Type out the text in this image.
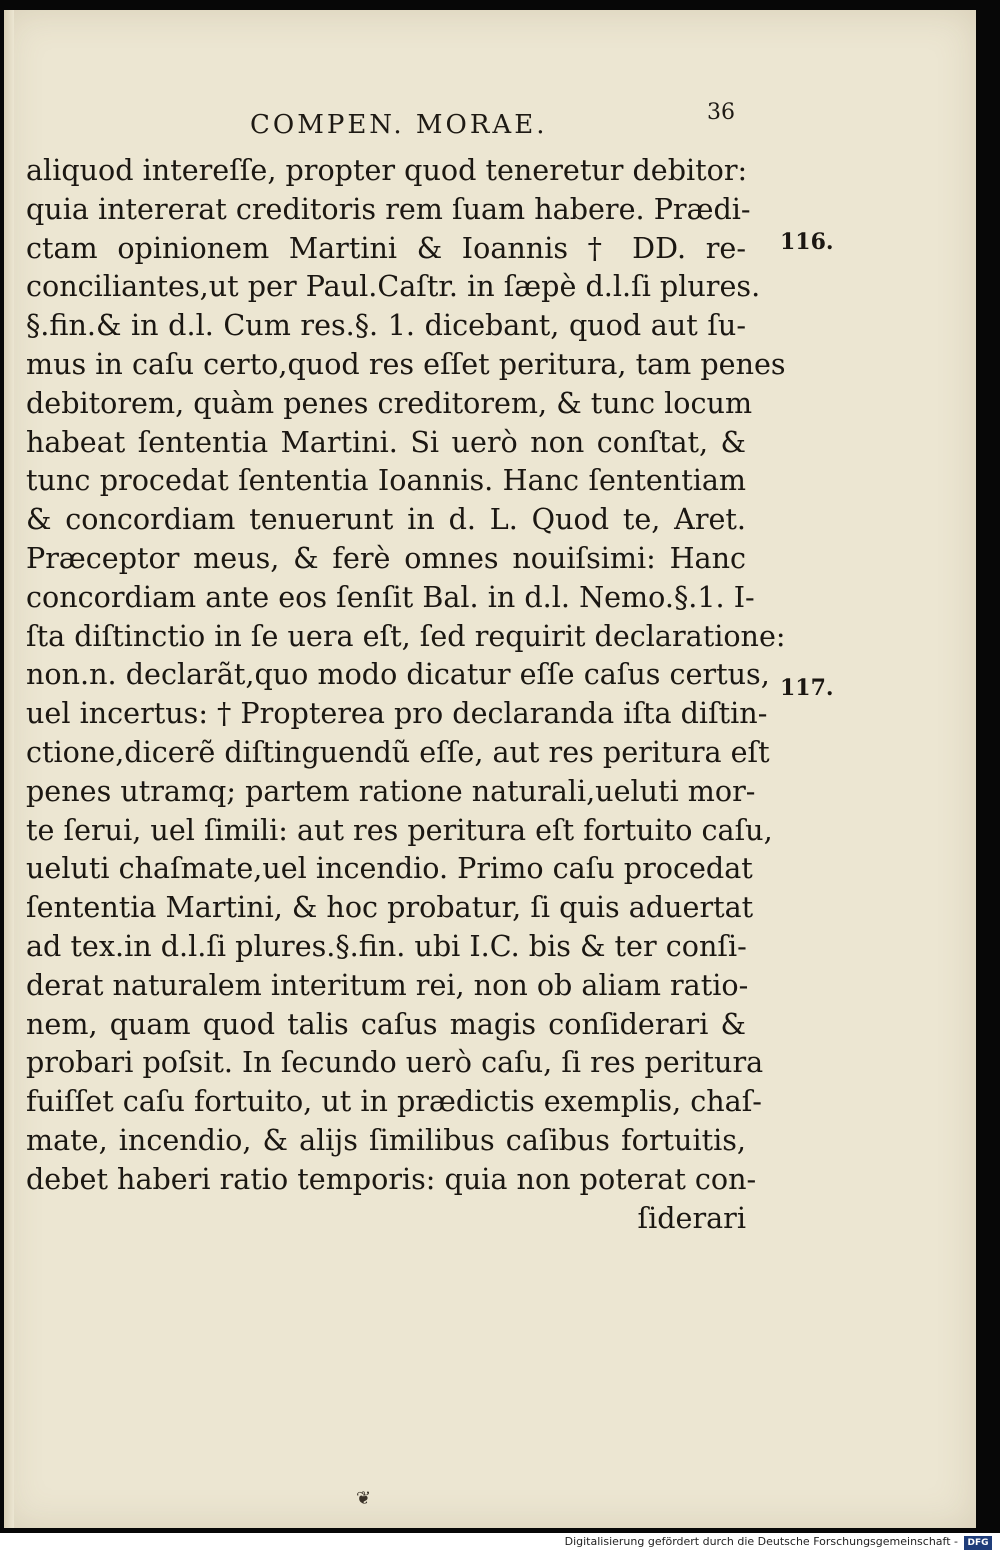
COMPEN. MORAE.	36
aliquod intereſſe, propter quod teneretur debitor:
quia intererat creditoris rem ſuam habere. Prædi-
ctam opinionem Martini & Ioannis † DD. re-
conciliantes,ut per Paul.Caſtr. in ſæpè d.l.ſi plures.
§.fin.& in d.l. Cum res.§. 1. dicebant, quod aut ſu-
mus in caſu certo,quod res eſſet peritura, tam penes
debitorem, quàm penes creditorem, & tunc locum
habeat ſententia Martini. Si uerò non conſtat, &
tunc procedat ſententia Ioannis. Hanc ſententiam
& concordiam tenuerunt in d. L. Quod te, Aret.
Præceptor meus, & ferè omnes nouiſsimi: Hanc
concordiam ante eos ſenſit Bal. in d.l. Nemo.§.1. I-
ſta diſtinctio in ſe uera eſt, ſed requirit declaratione:
non.n. declarãt,quo modo dicatur eſſe caſus certus,
uel incertus: † Propterea pro declaranda iſta diſtin-
ctione,dicerẽ diſtinguendũ eſſe, aut res peritura eſt
penes utramq; partem ratione naturali,ueluti mor-
te ſerui, uel ſimili: aut res peritura eſt fortuito caſu,
ueluti chaſmate,uel incendio. Primo caſu procedat
ſententia Martini, & hoc probatur, ſi quis aduertat
ad tex.in d.l.ſi plures.§.fin. ubi I.C. bis & ter conſi-
derat naturalem interitum rei, non ob aliam ratio-
nem, quam quod talis caſus magis conſiderari &
probari poſsit. In ſecundo uerò caſu, ſi res peritura
fuiſſet caſu fortuito, ut in prædictis exemplis, chaſ-
mate, incendio, & alijs ſimilibus caſibus fortuitis,
debet haberi ratio temporis: quia non poterat con-
ſiderari
116.
117.
❦
Digitalisierung gefördert durch die Deutsche Forschungsgemeinschaft -	DFG
